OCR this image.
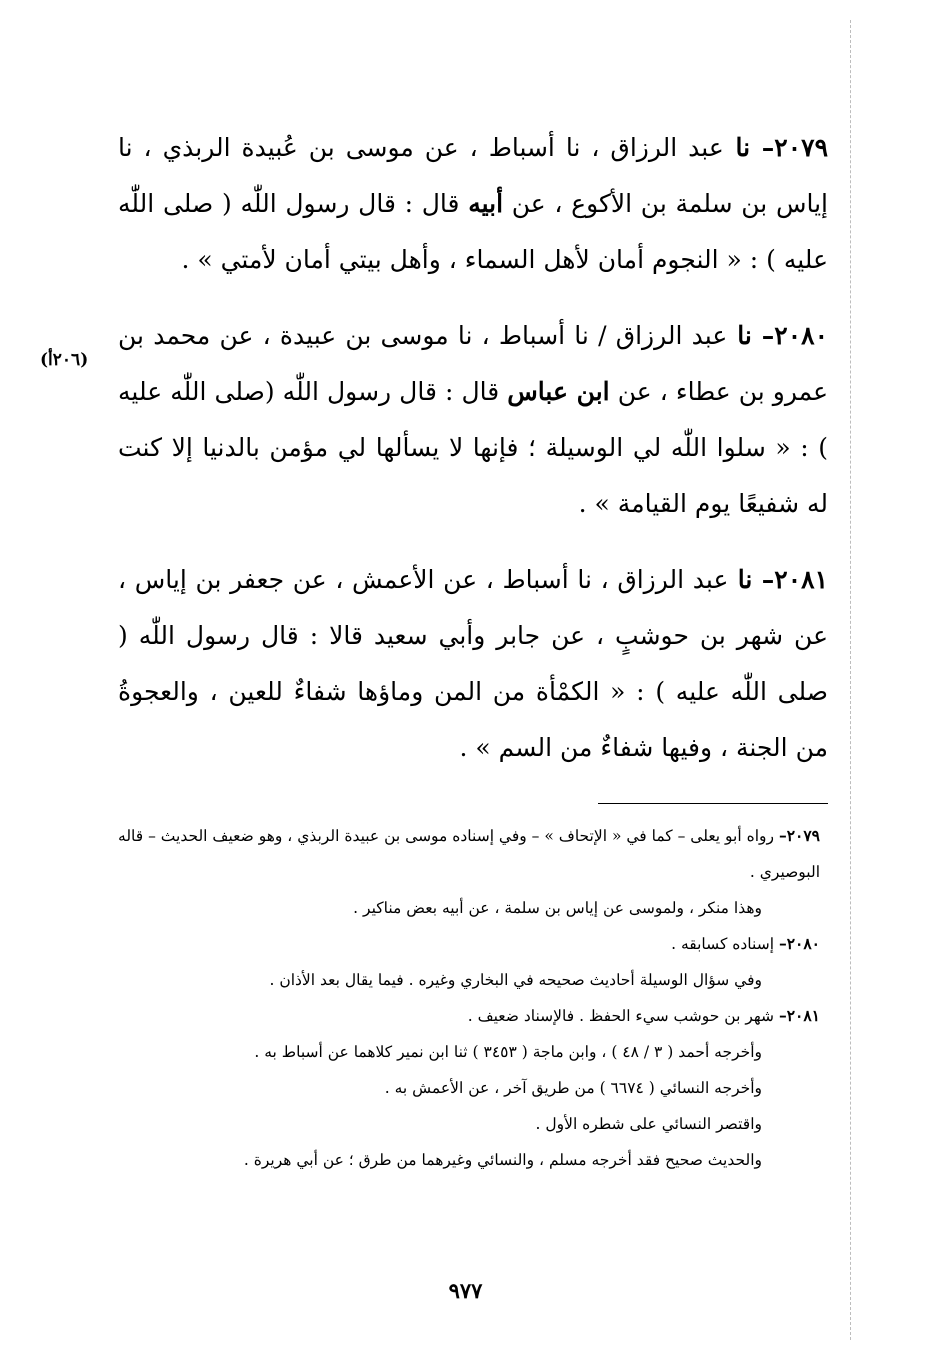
(٢٠٦أ)

٢٠٧٩– نا عبد الرزاق ، نا أسباط ، عن موسى بن عُبيدة الربذي ، نا إياس بن سلمة بن الأكوع ، عن أبيه قال : قال رسول اللّٰه ( صلى اللّٰه عليه ) : « النجوم أمان لأهل السماء ، وأهل بيتي أمان لأمتي » .

٢٠٨٠– نا عبد الرزاق / نا أسباط ، نا موسى بن عبيدة ، عن محمد بن عمرو بن عطاء ، عن ابن عباس قال : قال رسول اللّٰه (صلى اللّٰه عليه ) : « سلوا اللّٰه لي الوسيلة ؛ فإنها لا يسألها لي مؤمن بالدنيا إلا كنت له شفيعًا يوم القيامة » .

٢٠٨١– نا عبد الرزاق ، نا أسباط ، عن الأعمش ، عن جعفر بن إياس ، عن شهر بن حوشبٍ ، عن جابر وأبي سعيد قالا : قال رسول اللّٰه ( صلى اللّٰه عليه ) : « الكمْأة من المن وماؤها شفاءٌ للعين ، والعجوةُ من الجنة ، وفيها شفاءٌ من السم » .

٢٠٧٩– رواه أبو يعلى – كما في « الإتحاف » – وفي إسناده موسى بن عبيدة الربذي ، وهو ضعيف الحديث – قاله البوصيري .

وهذا منكر ، ولموسى عن إياس بن سلمة ، عن أبيه بعض مناكير .

٢٠٨٠– إسناده كسابقه .

وفي سؤال الوسيلة أحاديث صحيحه في البخاري وغيره . فيما يقال بعد الأذان .

٢٠٨١– شهر بن حوشب سيء الحفظ . فالإسناد ضعيف .

وأخرجه أحمد ( ٣ / ٤٨ ) ، وابن ماجة ( ٣٤٥٣ ) ثنا ابن نمير كلاهما عن أسباط به .

وأخرجه النسائي ( ٦٦٧٤ ) من طريق آخر ، عن الأعمش به .

واقتصر النسائي على شطره الأول .

والحديث صحيح فقد أخرجه مسلم ، والنسائي وغيرهما من طرق ؛ عن أبي هريرة .

٩٧٧
